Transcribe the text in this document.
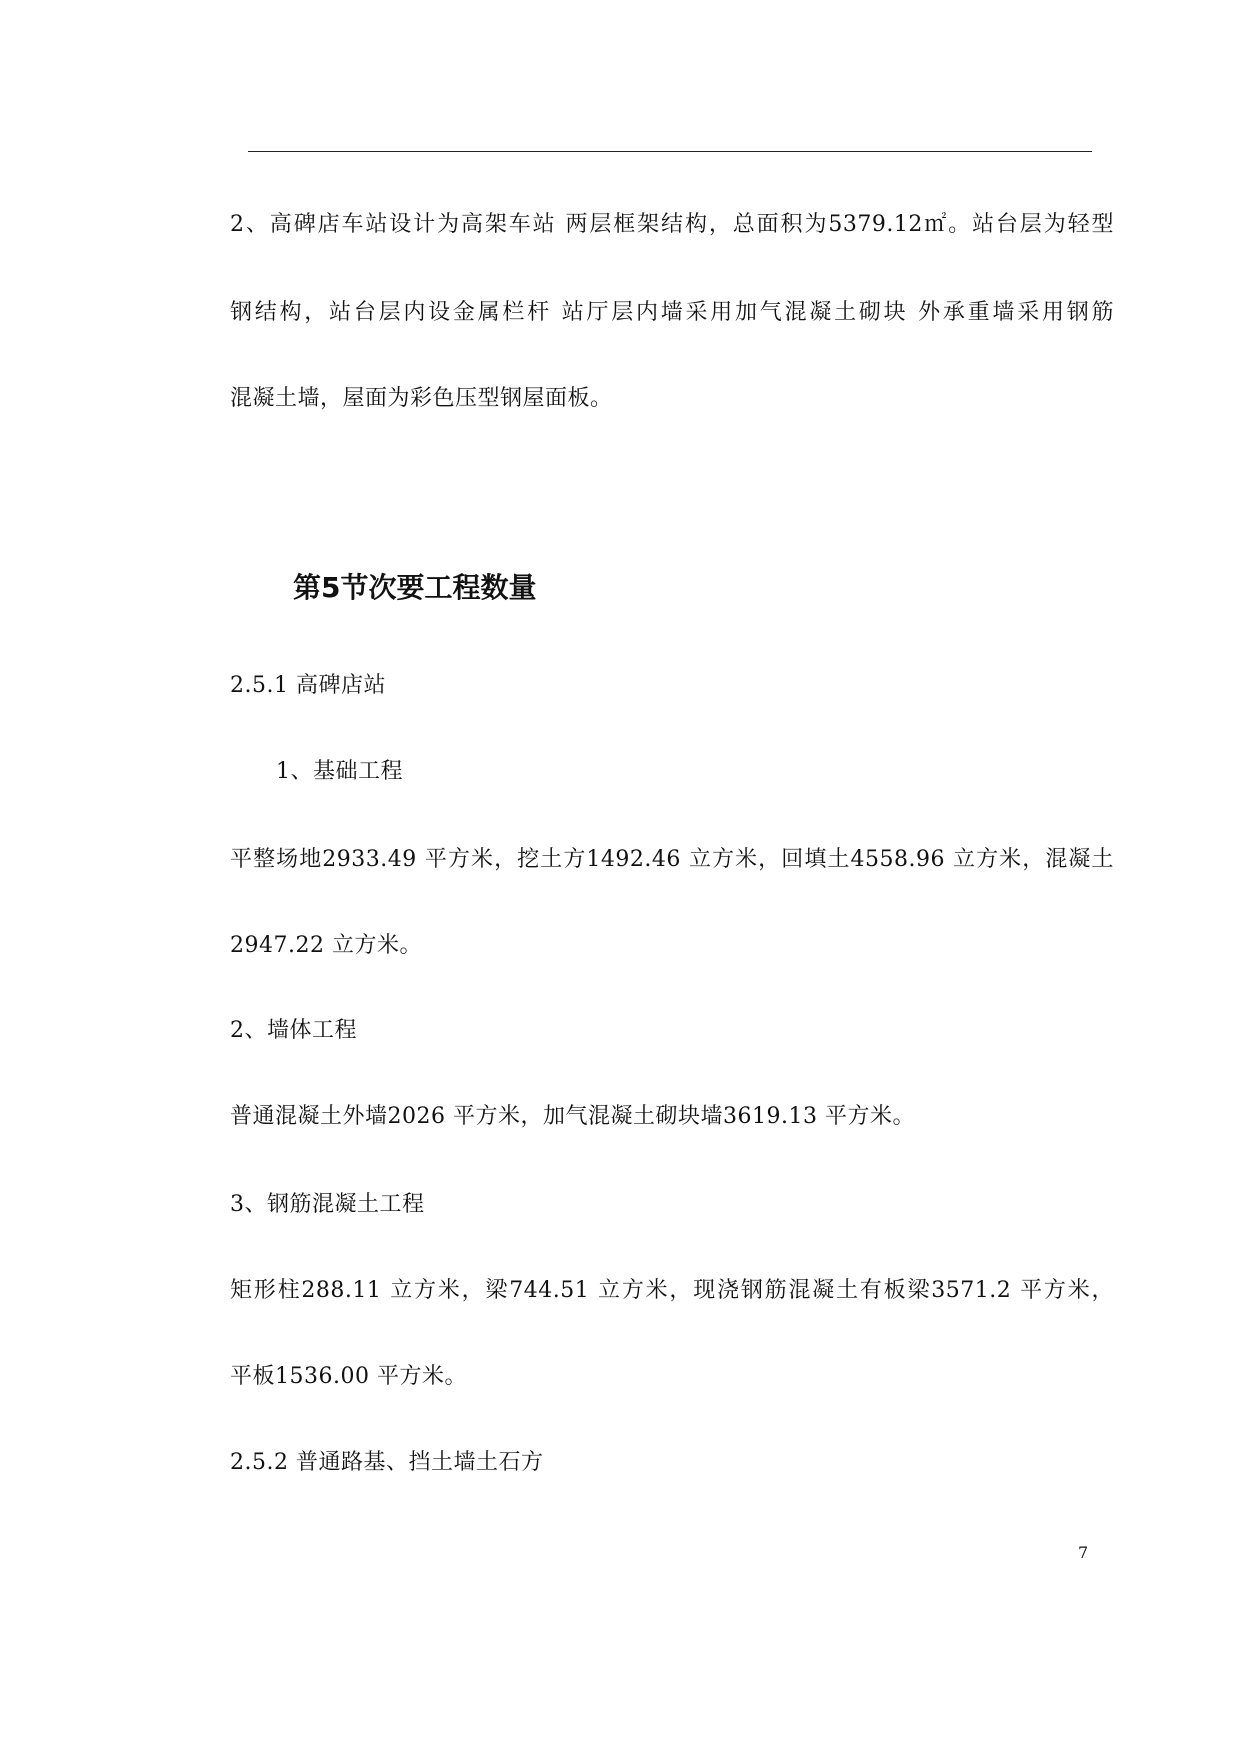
2、高碑店车站设计为高架车站 两层框架结构，总面积为5379.12㎡。站台层为轻型
钢结构，站台层内设金属栏杆 站厅层内墙采用加气混凝土砌块 外承重墙采用钢筋
混凝土墙，屋面为彩色压型钢屋面板。
第5节次要工程数量
2.5.1 高碑店站
1、基础工程
平整场地2933.49 平方米，挖土方1492.46 立方米，回填土4558.96 立方米，混凝土
2947.22 立方米。
2、墙体工程
普通混凝土外墙2026 平方米，加气混凝土砌块墙3619.13 平方米。
3、钢筋混凝土工程
矩形柱288.11 立方米，梁744.51 立方米，现浇钢筋混凝土有板梁3571.2 平方米，
平板1536.00 平方米。
2.5.2 普通路基、挡土墙土石方
7
